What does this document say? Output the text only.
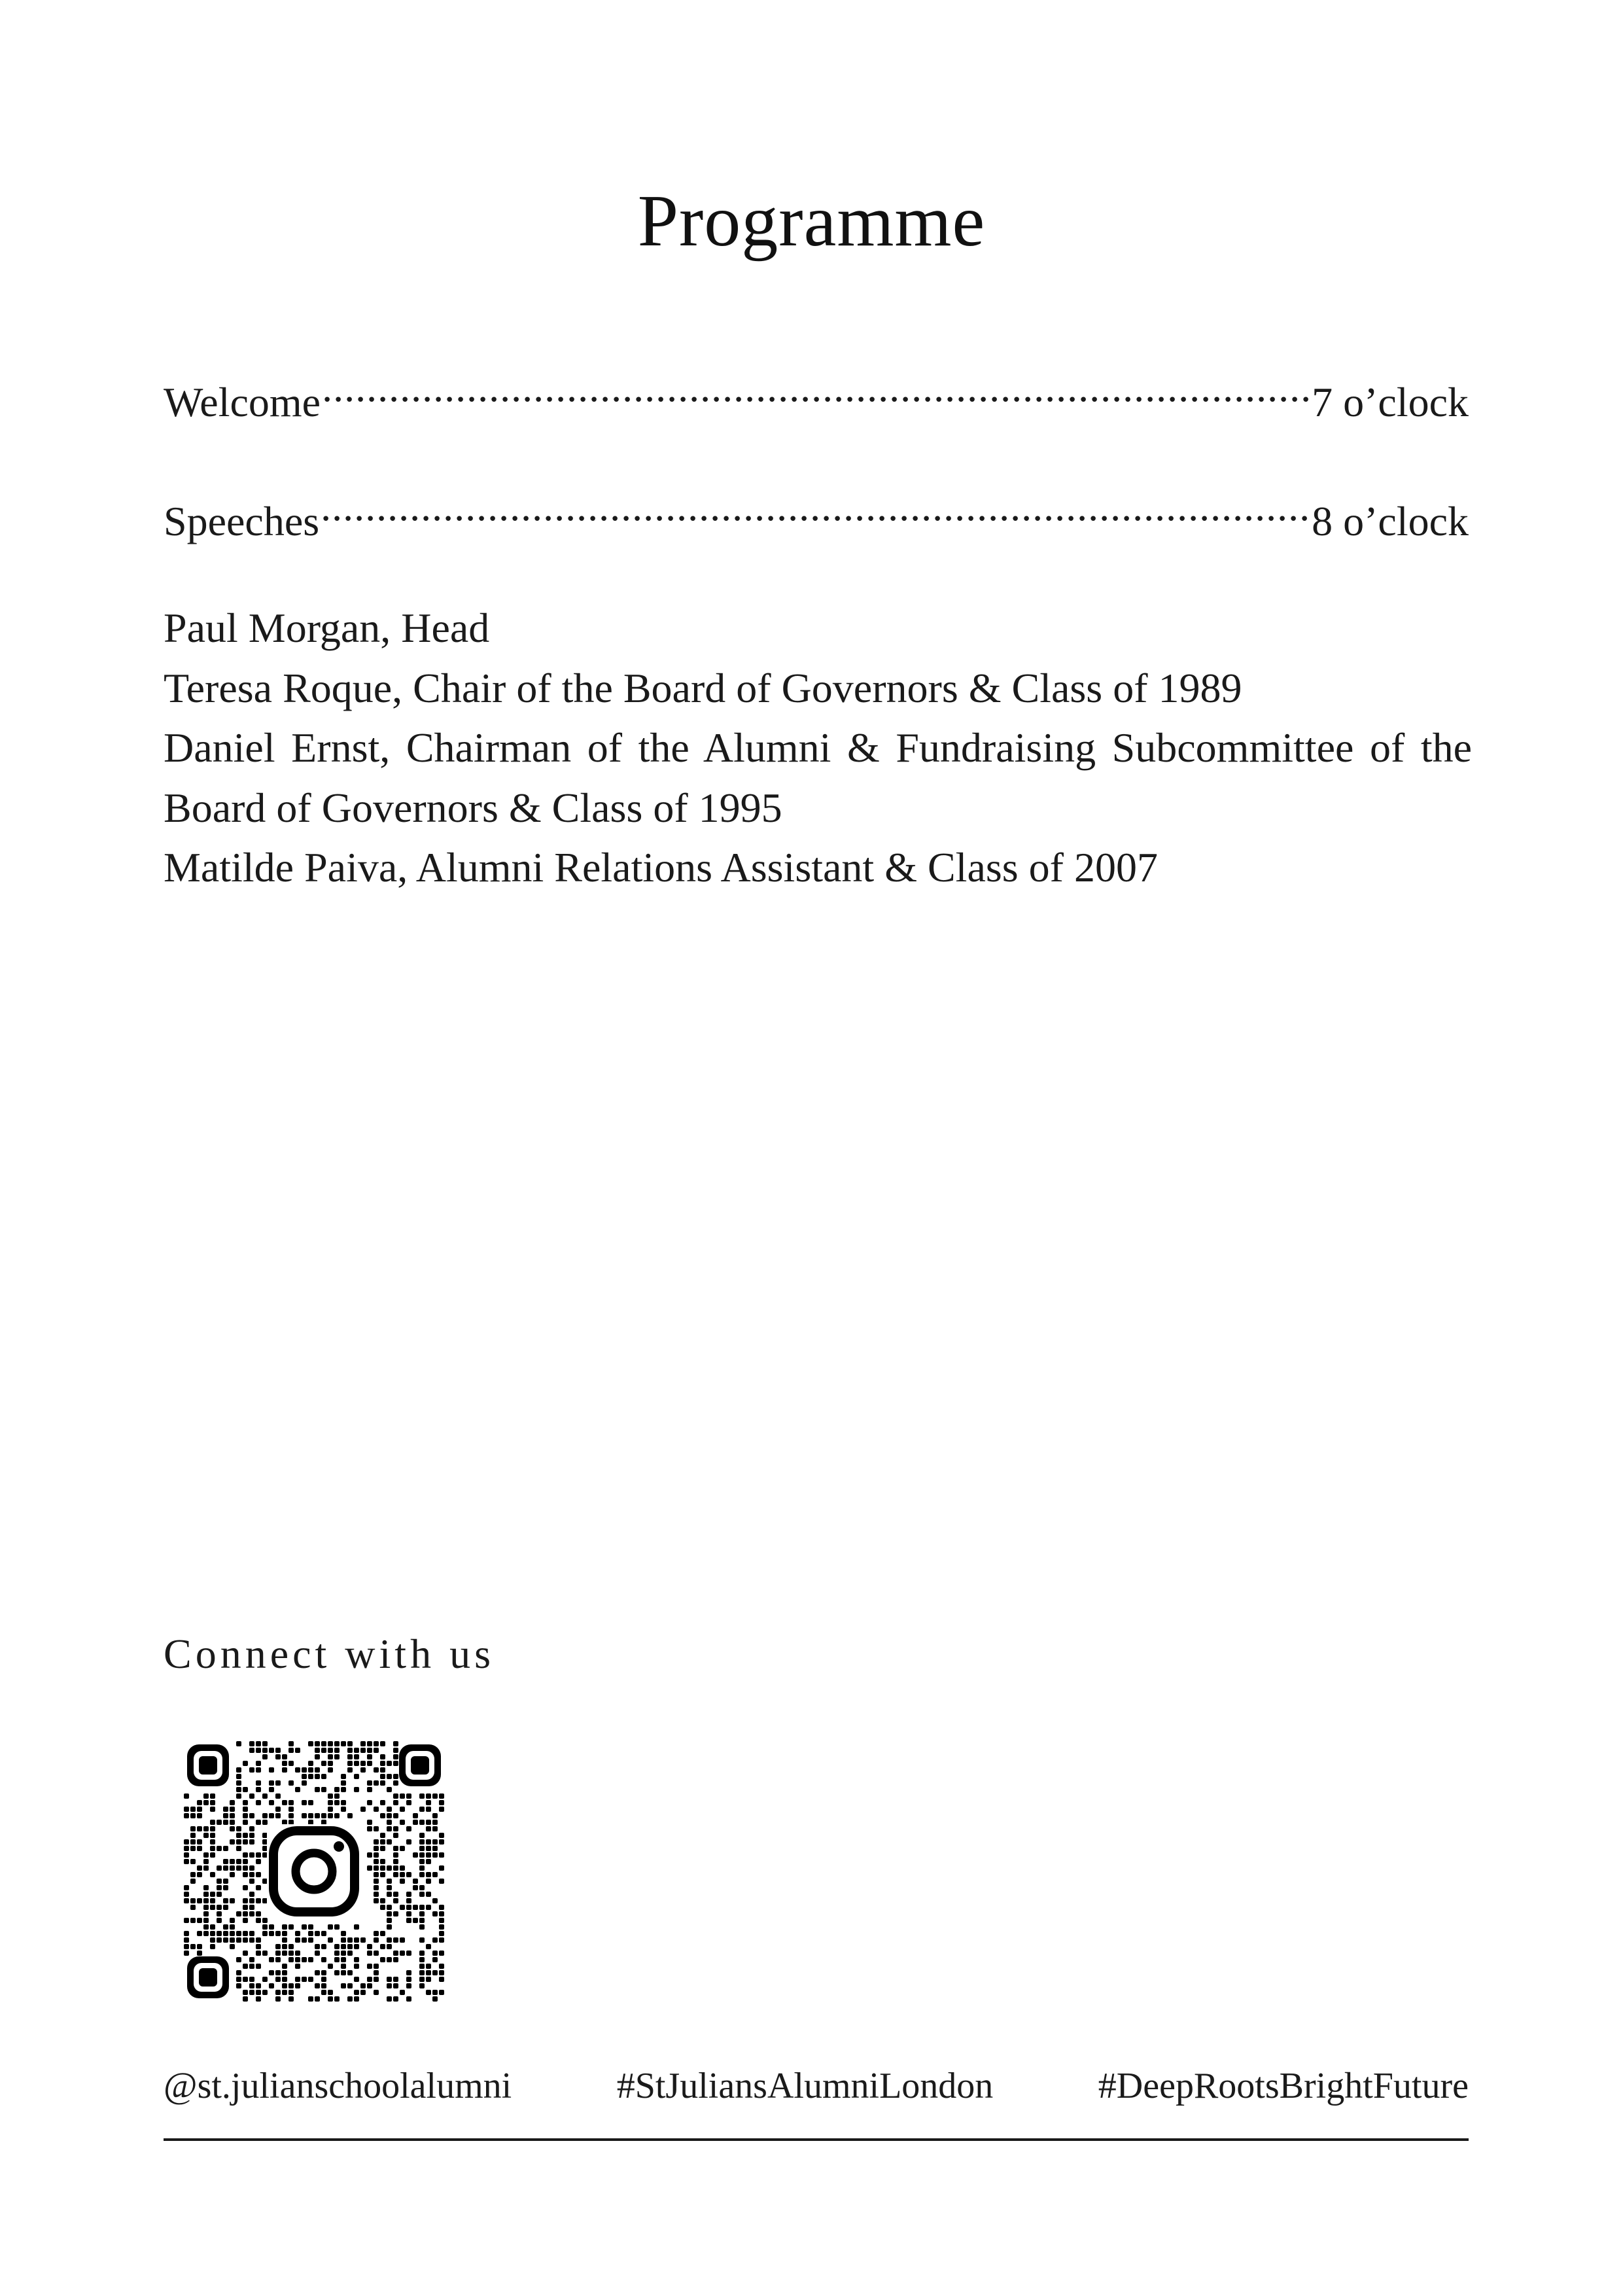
Programme
Welcome .....	7 o’clock
Speeches .....	8 o’clock
Paul Morgan, Head
Teresa Roque, Chair of the Board of Governors & Class of 1989
Daniel Ernst, Chairman of the Alumni & Fundraising Subcommittee of the
Board of Governors & Class of 1995
Matilde Paiva, Alumni Relations Assistant & Class of 2007
Connect with us
@st.julianschoolalumni	#StJuliansAlumniLondon	#DeepRootsBrightFuture
